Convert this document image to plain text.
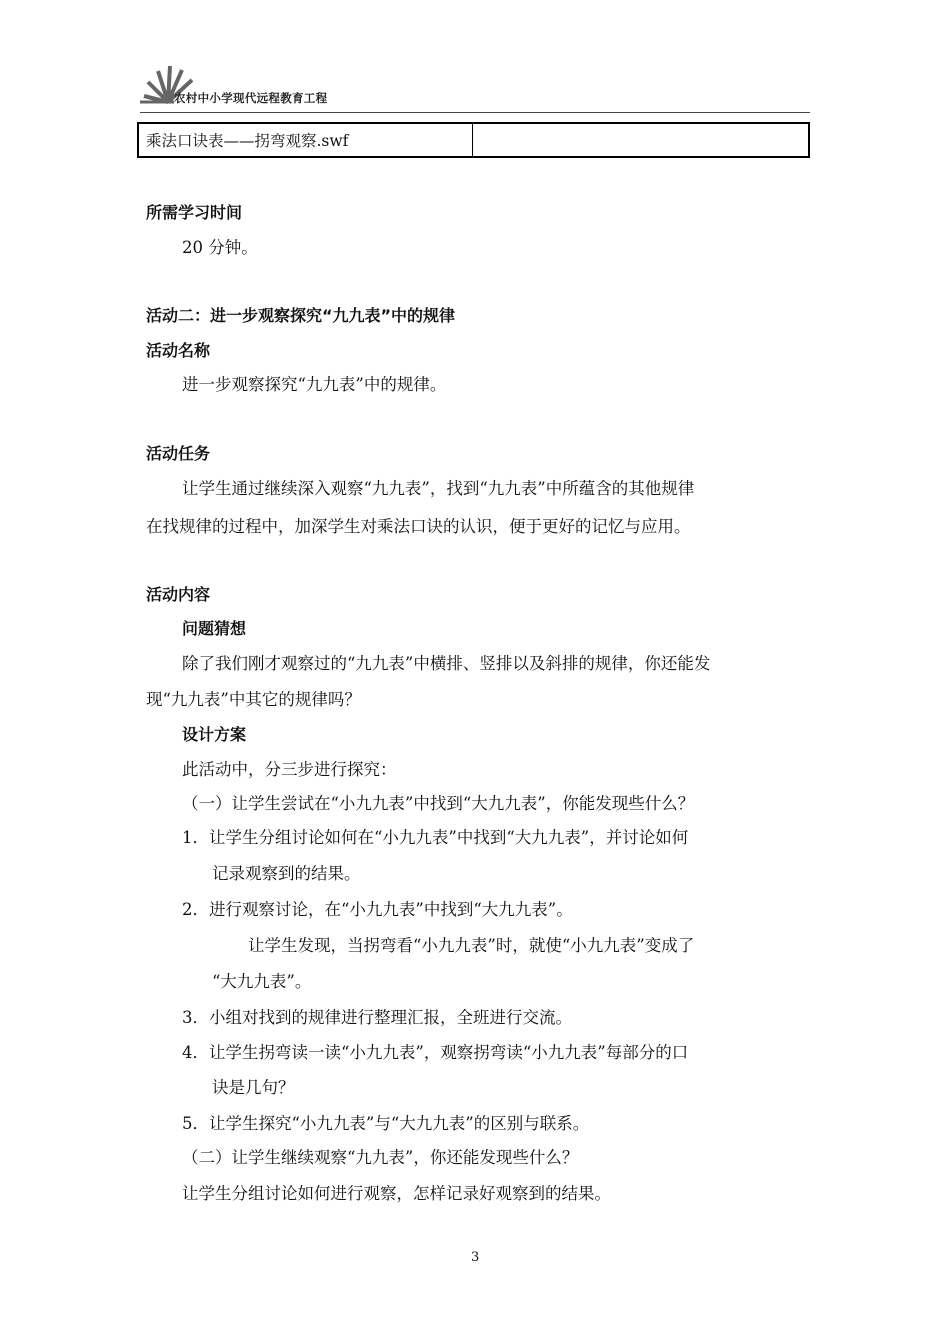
农村中小学现代远程教育工程
乘法口诀表——拐弯观察.swf
所需学习时间
20 分钟。
活动二：进一步观察探究“九九表”中的规律
活动名称
进一步观察探究“九九表”中的规律。
活动任务
让学生通过继续深入观察“九九表”，找到“九九表”中所蕴含的其他规律
在找规律的过程中，加深学生对乘法口诀的认识，便于更好的记忆与应用。
活动内容
问题猜想
除了我们刚才观察过的“九九表”中横排、竖排以及斜排的规律，你还能发
现“九九表”中其它的规律吗？
设计方案
此活动中，分三步进行探究：
（一）让学生尝试在“小九九表”中找到“大九九表”，你能发现些什么？
1．让学生分组讨论如何在“小九九表”中找到“大九九表”，并讨论如何
记录观察到的结果。
2．进行观察讨论，在“小九九表”中找到“大九九表”。
让学生发现，当拐弯看“小九九表”时，就使“小九九表”变成了
“大九九表”。
3．小组对找到的规律进行整理汇报，全班进行交流。
4．让学生拐弯读一读“小九九表”，观察拐弯读“小九九表”每部分的口
诀是几句？
5．让学生探究“小九九表”与“大九九表”的区别与联系。
（二）让学生继续观察“九九表”，你还能发现些什么？
让学生分组讨论如何进行观察，怎样记录好观察到的结果。
3
